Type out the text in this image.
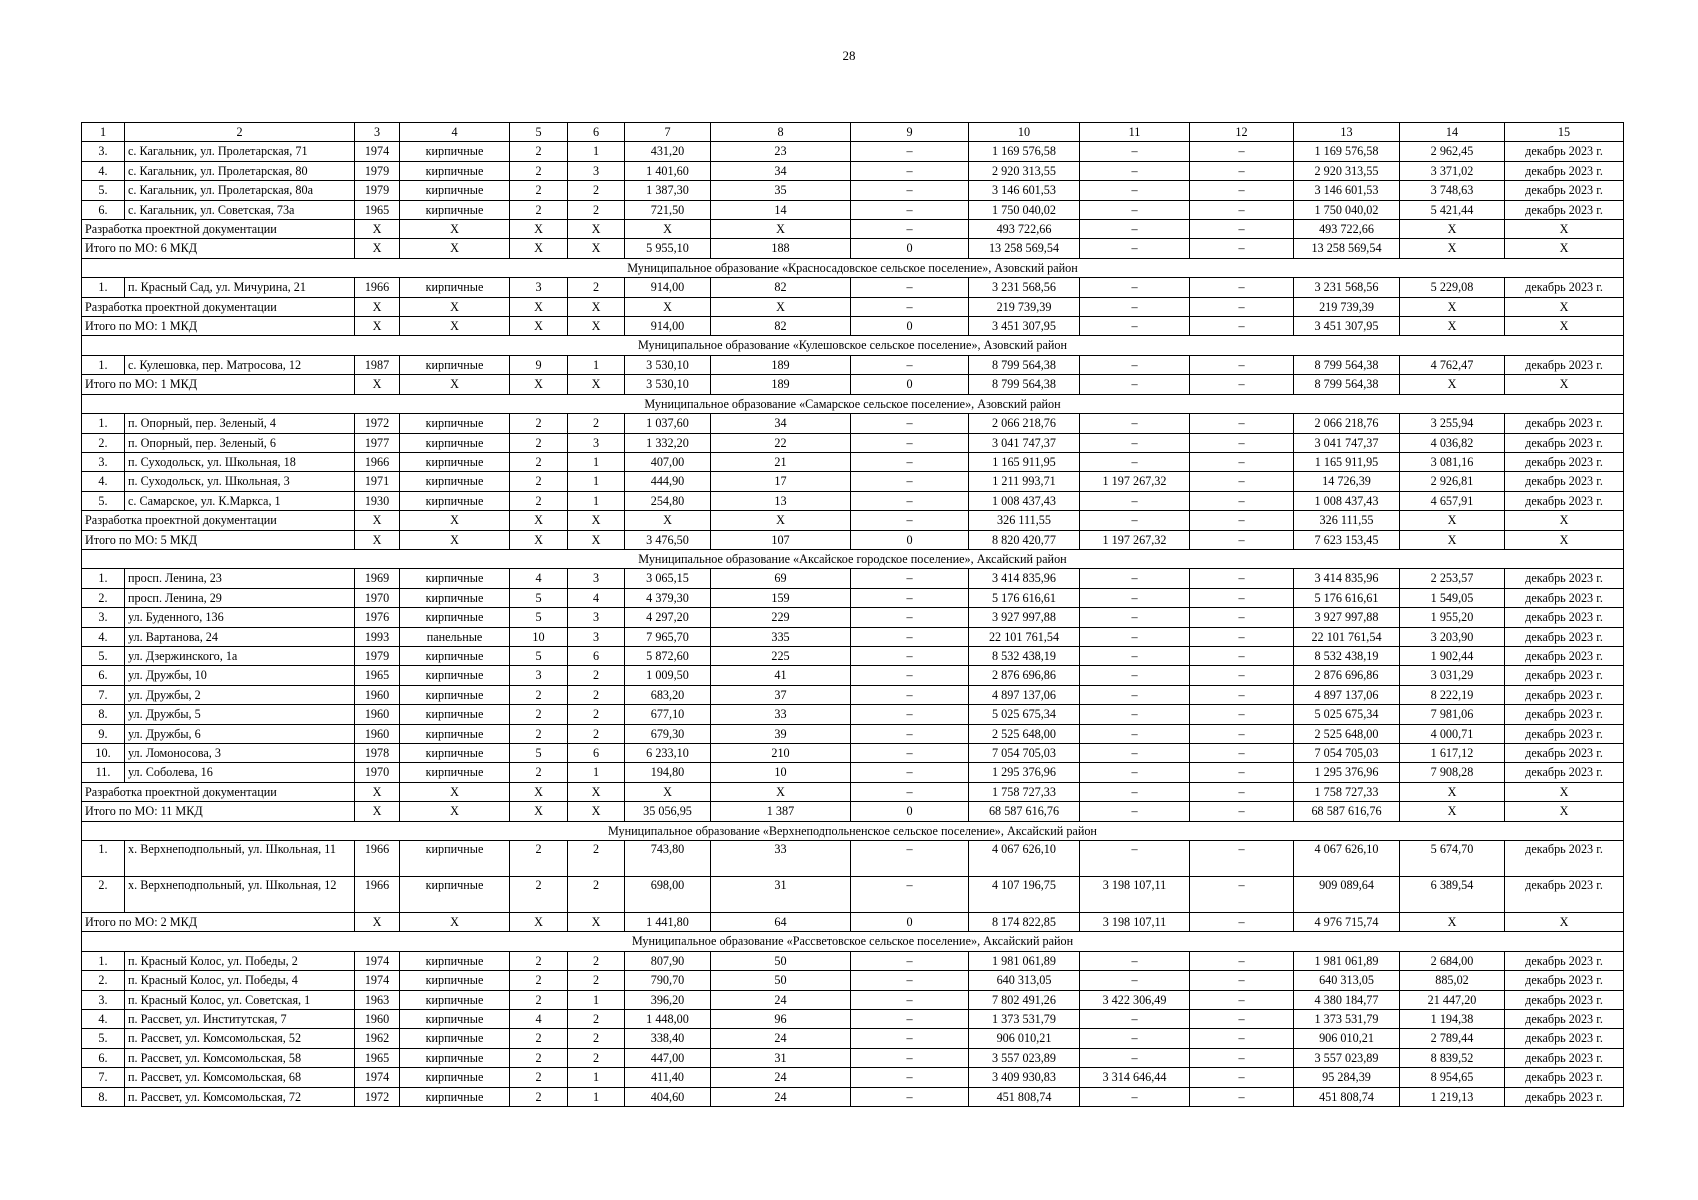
28
1	2	3	4	5	6	7	8	9	10	11	12	13	14	15
3.	с. Кагальник, ул. Пролетарская, 71	1974	кирпичные	2	1	431,20	23	–	1 169 576,58	–	–	1 169 576,58	2 962,45	декабрь 2023 г.
4.	с. Кагальник, ул. Пролетарская, 80	1979	кирпичные	2	3	1 401,60	34	–	2 920 313,55	–	–	2 920 313,55	3 371,02	декабрь 2023 г.
5.	с. Кагальник, ул. Пролетарская, 80а	1979	кирпичные	2	2	1 387,30	35	–	3 146 601,53	–	–	3 146 601,53	3 748,63	декабрь 2023 г.
6.	с. Кагальник, ул. Советская, 73а	1965	кирпичные	2	2	721,50	14	–	1 750 040,02	–	–	1 750 040,02	5 421,44	декабрь 2023 г.
Разработка проектной документации		X	X	X	X	X	X	–	493 722,66	–	–	493 722,66	X	X
Итого по МО: 6 МКД		X	X	X	X	5 955,10	188	0	13 258 569,54	–	–	13 258 569,54	X	X
Муниципальное образование «Красносадовское сельское поселение», Азовский район														
1.	п. Красный Сад, ул. Мичурина, 21	1966	кирпичные	3	2	914,00	82	–	3 231 568,56	–	–	3 231 568,56	5 229,08	декабрь 2023 г.
Разработка проектной документации		X	X	X	X	X	X	–	219 739,39	–	–	219 739,39	X	X
Итого по МО: 1 МКД		X	X	X	X	914,00	82	0	3 451 307,95	–	–	3 451 307,95	X	X
Муниципальное образование «Кулешовское сельское поселение», Азовский район														
1.	с. Кулешовка, пер. Матросова, 12	1987	кирпичные	9	1	3 530,10	189	–	8 799 564,38	–	–	8 799 564,38	4 762,47	декабрь 2023 г.
Итого по МО: 1 МКД		X	X	X	X	3 530,10	189	0	8 799 564,38	–	–	8 799 564,38	X	X
Муниципальное образование «Самарское сельское поселение», Азовский район														
1.	п. Опорный, пер. Зеленый, 4	1972	кирпичные	2	2	1 037,60	34	–	2 066 218,76	–	–	2 066 218,76	3 255,94	декабрь 2023 г.
2.	п. Опорный, пер. Зеленый, 6	1977	кирпичные	2	3	1 332,20	22	–	3 041 747,37	–	–	3 041 747,37	4 036,82	декабрь 2023 г.
3.	п. Суходольск, ул. Школьная, 18	1966	кирпичные	2	1	407,00	21	–	1 165 911,95	–	–	1 165 911,95	3 081,16	декабрь 2023 г.
4.	п. Суходольск, ул. Школьная, 3	1971	кирпичные	2	1	444,90	17	–	1 211 993,71	1 197 267,32	–	14 726,39	2 926,81	декабрь 2023 г.
5.	с. Самарское, ул. К.Маркса, 1	1930	кирпичные	2	1	254,80	13	–	1 008 437,43	–	–	1 008 437,43	4 657,91	декабрь 2023 г.
Разработка проектной документации		X	X	X	X	X	X	–	326 111,55	–	–	326 111,55	X	X
Итого по МО: 5 МКД		X	X	X	X	3 476,50	107	0	8 820 420,77	1 197 267,32	–	7 623 153,45	X	X
Муниципальное образование «Аксайское городское поселение», Аксайский район														
1.	просп. Ленина, 23	1969	кирпичные	4	3	3 065,15	69	–	3 414 835,96	–	–	3 414 835,96	2 253,57	декабрь 2023 г.
2.	просп. Ленина, 29	1970	кирпичные	5	4	4 379,30	159	–	5 176 616,61	–	–	5 176 616,61	1 549,05	декабрь 2023 г.
3.	ул. Буденного, 136	1976	кирпичные	5	3	4 297,20	229	–	3 927 997,88	–	–	3 927 997,88	1 955,20	декабрь 2023 г.
4.	ул. Вартанова, 24	1993	панельные	10	3	7 965,70	335	–	22 101 761,54	–	–	22 101 761,54	3 203,90	декабрь 2023 г.
5.	ул. Дзержинского, 1а	1979	кирпичные	5	6	5 872,60	225	–	8 532 438,19	–	–	8 532 438,19	1 902,44	декабрь 2023 г.
6.	ул. Дружбы, 10	1965	кирпичные	3	2	1 009,50	41	–	2 876 696,86	–	–	2 876 696,86	3 031,29	декабрь 2023 г.
7.	ул. Дружбы, 2	1960	кирпичные	2	2	683,20	37	–	4 897 137,06	–	–	4 897 137,06	8 222,19	декабрь 2023 г.
8.	ул. Дружбы, 5	1960	кирпичные	2	2	677,10	33	–	5 025 675,34	–	–	5 025 675,34	7 981,06	декабрь 2023 г.
9.	ул. Дружбы, 6	1960	кирпичные	2	2	679,30	39	–	2 525 648,00	–	–	2 525 648,00	4 000,71	декабрь 2023 г.
10.	ул. Ломоносова, 3	1978	кирпичные	5	6	6 233,10	210	–	7 054 705,03	–	–	7 054 705,03	1 617,12	декабрь 2023 г.
11.	ул. Соболева, 16	1970	кирпичные	2	1	194,80	10	–	1 295 376,96	–	–	1 295 376,96	7 908,28	декабрь 2023 г.
Разработка проектной документации		X	X	X	X	X	X	–	1 758 727,33	–	–	1 758 727,33	X	X
Итого по МО: 11 МКД		X	X	X	X	35 056,95	1 387	0	68 587 616,76	–	–	68 587 616,76	X	X
Муниципальное образование «Верхнеподпольненское сельское поселение», Аксайский район														
1.	х. Верхнеподпольный, ул. Школьная, 11	1966	кирпичные	2	2	743,80	33	–	4 067 626,10	–	–	4 067 626,10	5 674,70	декабрь 2023 г.
2.	х. Верхнеподпольный, ул. Школьная, 12	1966	кирпичные	2	2	698,00	31	–	4 107 196,75	3 198 107,11	–	909 089,64	6 389,54	декабрь 2023 г.
Итого по МО: 2 МКД		X	X	X	X	1 441,80	64	0	8 174 822,85	3 198 107,11	–	4 976 715,74	X	X
Муниципальное образование «Рассветовское сельское поселение», Аксайский район														
1.	п. Красный Колос, ул. Победы, 2	1974	кирпичные	2	2	807,90	50	–	1 981 061,89	–	–	1 981 061,89	2 684,00	декабрь 2023 г.
2.	п. Красный Колос, ул. Победы, 4	1974	кирпичные	2	2	790,70	50	–	640 313,05	–	–	640 313,05	885,02	декабрь 2023 г.
3.	п. Красный Колос, ул. Советская, 1	1963	кирпичные	2	1	396,20	24	–	7 802 491,26	3 422 306,49	–	4 380 184,77	21 447,20	декабрь 2023 г.
4.	п. Рассвет, ул. Институтская, 7	1960	кирпичные	4	2	1 448,00	96	–	1 373 531,79	–	–	1 373 531,79	1 194,38	декабрь 2023 г.
5.	п. Рассвет, ул. Комсомольская, 52	1962	кирпичные	2	2	338,40	24	–	906 010,21	–	–	906 010,21	2 789,44	декабрь 2023 г.
6.	п. Рассвет, ул. Комсомольская, 58	1965	кирпичные	2	2	447,00	31	–	3 557 023,89	–	–	3 557 023,89	8 839,52	декабрь 2023 г.
7.	п. Рассвет, ул. Комсомольская, 68	1974	кирпичные	2	1	411,40	24	–	3 409 930,83	3 314 646,44	–	95 284,39	8 954,65	декабрь 2023 г.
8.	п. Рассвет, ул. Комсомольская, 72	1972	кирпичные	2	1	404,60	24	–	451 808,74	–	–	451 808,74	1 219,13	декабрь 2023 г.
